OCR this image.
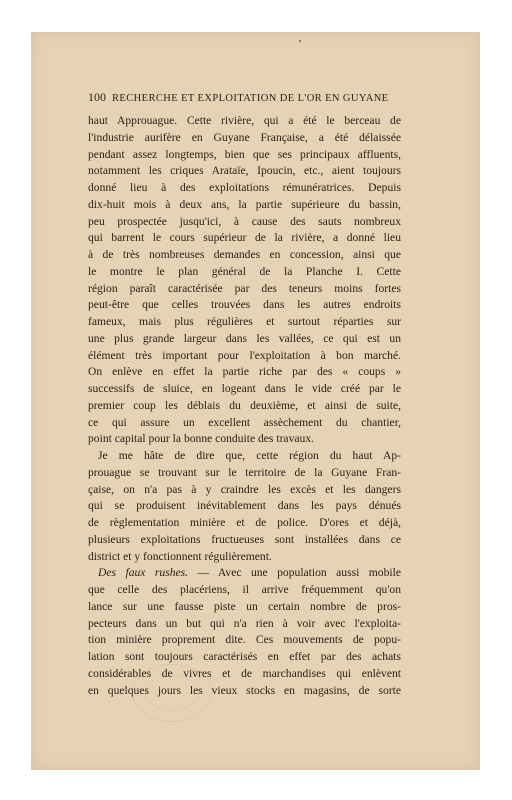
100 RECHERCHE ET EXPLOITATION DE L'OR EN GUYANE
haut Approuague. Cette rivière, qui a été le berceau de
l'industrie aurifère en Guyane Française, a été délaissée
pendant assez longtemps, bien que ses principaux affluents,
notamment les criques Arataïe, Ipoucin, etc., aient toujours
donné lieu à des exploitations rémunératrices. Depuis
dix-huit mois à deux ans, la partie supérieure du bassin,
peu prospectée jusqu'ici, à cause des sauts nombreux
qui barrent le cours supérieur de la rivière, a donné lieu
à de très nombreuses demandes en concession, ainsi que
le montre le plan général de la Planche I. Cette
région paraît caractérisée par des teneurs moins fortes
peut-être que celles trouvées dans les autres endroits
fameux, mais plus régulières et surtout réparties sur
une plus grande largeur dans les vallées, ce qui est un
élément très important pour l'exploitation à bon marché.
On enlève en effet la partie riche par des « coups »
successifs de sluice, en logeant dans le vide créé par le
premier coup les déblais du deuxième, et ainsi de suite,
ce qui assure un excellent assèchement du chantier,
point capital pour la bonne conduite des travaux.
Je me hâte de dire que, cette région du haut Ap-
prouague se trouvant sur le territoire de la Guyane Fran-
çaise, on n'a pas à y craindre les excès et les dangers
qui se produisent inévitablement dans les pays dénués
de règlementation minière et de police. D'ores et déjà,
plusieurs exploitations fructueuses sont installées dans ce
district et y fonctionnent régulièrement.
Des faux rushes. — Avec une population aussi mobile
que celle des placériens, il arrive fréquemment qu'on
lance sur une fausse piste un certain nombre de pros-
pecteurs dans un but qui n'a rien à voir avec l'exploita-
tion minière proprement dite. Ces mouvements de popu-
lation sont toujours caractérisés en effet par des achats
considérables de vivres et de marchandises qui enlèvent
en quelques jours les vieux stocks en magasins, de sorte
